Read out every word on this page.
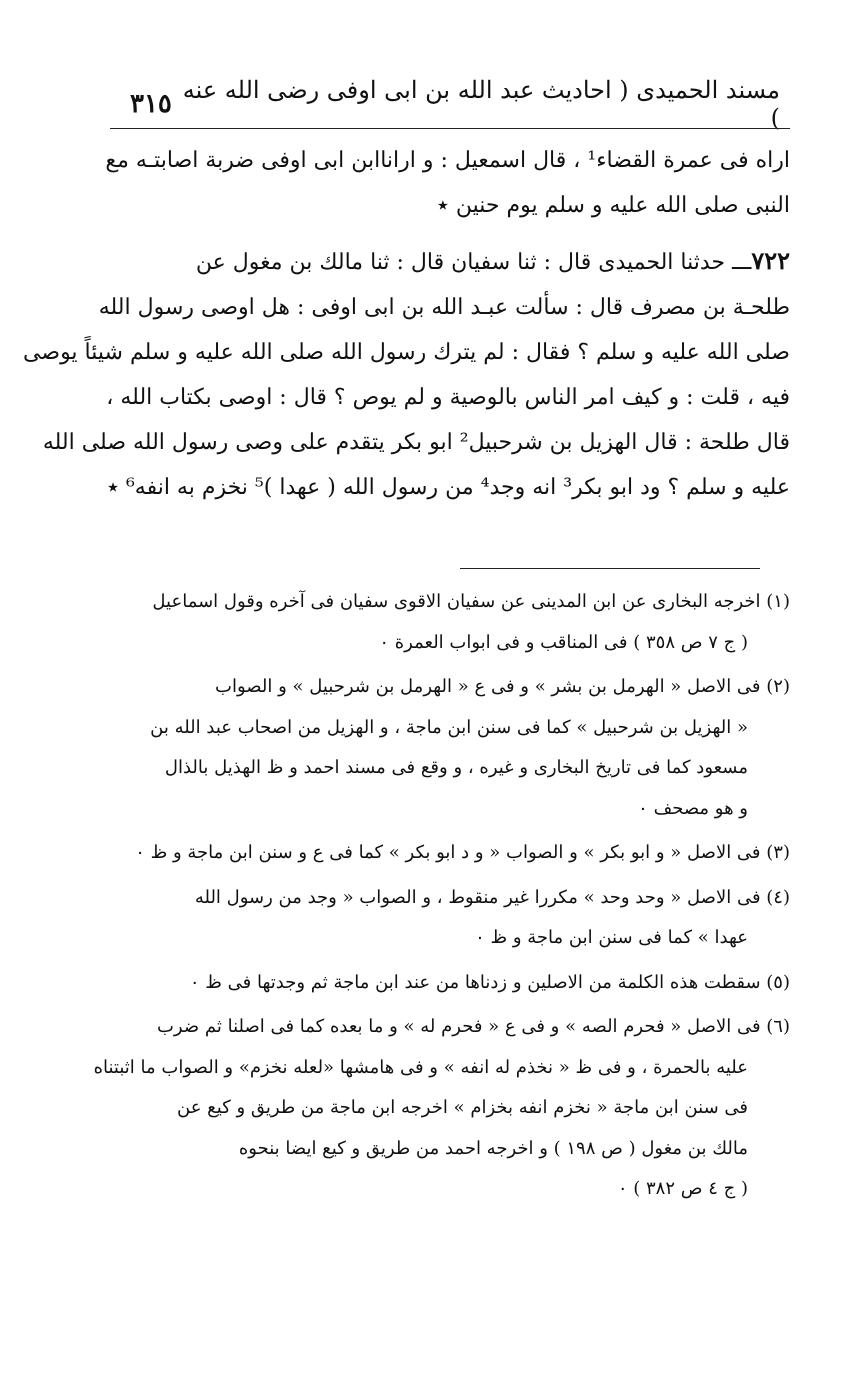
٣١٥ مسند الحميدى ( احاديث عبد الله بن ابى اوفى رضى الله عنه )
اراه فى عمرة القضاء¹ ، قال اسمعيل : و اراناابن ابى اوفى ضربة اصابتـه مع
النبى صلى الله عليه و سلم يوم حنين ٭
٧٢٢ـــ حدثنا الحميدى قال : ثنا سفيان قال : ثنا مالك بن مغول عن
طلحـة بن مصرف قال : سألت عبـد الله بن ابى اوفى : هل اوصى رسول الله
صلى الله عليه و سلم ؟ فقال : لم يترك رسول الله صلى الله عليه و سلم شيئاً يوصى
فيه ، قلت : و كيف امر الناس بالوصية و لم يوص ؟ قال : اوصى بكتاب الله ،
قال طلحة : قال الهزيل بن شرحبيل² ابو بكر يتقدم على وصى رسول الله صلى الله
عليه و سلم ؟ ود ابو بكر³ انه وجد⁴ من رسول الله ( عهدا )⁵ نخزم به انفه⁶ ٭
(١) اخرجه البخارى عن ابن المدينى عن سفيان الاقوى سفيان فى آخره وقول اسماعيل
( ج ٧ ص ٣٥٨ ) فى المناقب و فى ابواب العمرة ٠
(٢) فى الاصل « الهرمل بن بشر » و فى ع « الهرمل بن شرحبيل » و الصواب
« الهزيل بن شرحبيل » كما فى سنن ابن ماجة ، و الهزيل من اصحاب عبد الله بن
مسعود كما فى تاريخ البخارى و غيره ، و وقع فى مسند احمد و ظ الهذيل بالذال
و هو مصحف ٠
(٣) فى الاصل « و ابو بكر » و الصواب « و د ابو بكر » كما فى ع و سنن ابن ماجة و ظ ٠
(٤) فى الاصل « وحد وحد » مكررا غير منقوط ، و الصواب « وجد من رسول الله
عهدا » كما فى سنن ابن ماجة و ظ ٠
(٥) سقطت هذه الكلمة من الاصلين و زدناها من عند ابن ماجة ثم وجدتها فى ظ ٠
(٦) فى الاصل « فحرم الصه » و فى ع « فحرم له » و ما بعده كما فى اصلنا ثم ضرب
عليه بالحمرة ، و فى ظ « نخذم له انفه » و فى هامشها «لعله نخزم» و الصواب ما اثبتناه
فى سنن ابن ماجة « نخزم انفه بخزام » اخرجه ابن ماجة من طريق و كيع عن
مالك بن مغول ( ص ١٩٨ ) و اخرجه احمد من طريق و كيع ايضا بنحوه
( ج ٤ ص ٣٨٢ ) ٠
